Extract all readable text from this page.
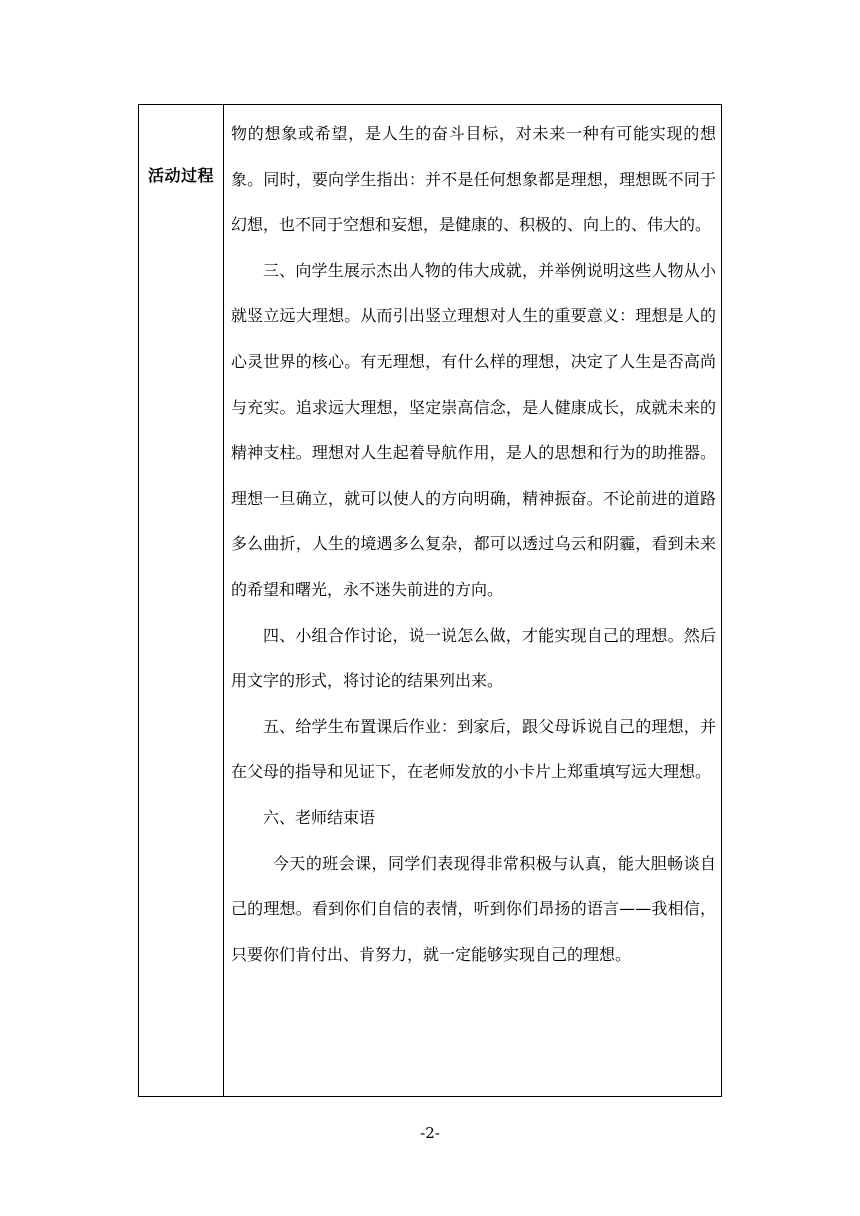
活动过程

物的想象或希望，是人生的奋斗目标，对未来一种有可能实现的想象。同时，要向学生指出：并不是任何想象都是理想，理想既不同于幻想，也不同于空想和妄想，是健康的、积极的、向上的、伟大的。

三、向学生展示杰出人物的伟大成就，并举例说明这些人物从小就竖立远大理想。从而引出竖立理想对人生的重要意义：理想是人的心灵世界的核心。有无理想，有什么样的理想，决定了人生是否高尚与充实。追求远大理想，坚定崇高信念，是人健康成长，成就未来的精神支柱。理想对人生起着导航作用，是人的思想和行为的助推器。理想一旦确立，就可以使人的方向明确，精神振奋。不论前进的道路多么曲折，人生的境遇多么复杂，都可以透过乌云和阴霾，看到未来的希望和曙光，永不迷失前进的方向。

四、小组合作讨论，说一说怎么做，才能实现自己的理想。然后用文字的形式，将讨论的结果列出来。

五、给学生布置课后作业：到家后，跟父母诉说自己的理想，并在父母的指导和见证下，在老师发放的小卡片上郑重填写远大理想。

六、老师结束语

今天的班会课，同学们表现得非常积极与认真，能大胆畅谈自己的理想。看到你们自信的表情，听到你们昂扬的语言——我相信，只要你们肯付出、肯努力，就一定能够实现自己的理想。

-2-
